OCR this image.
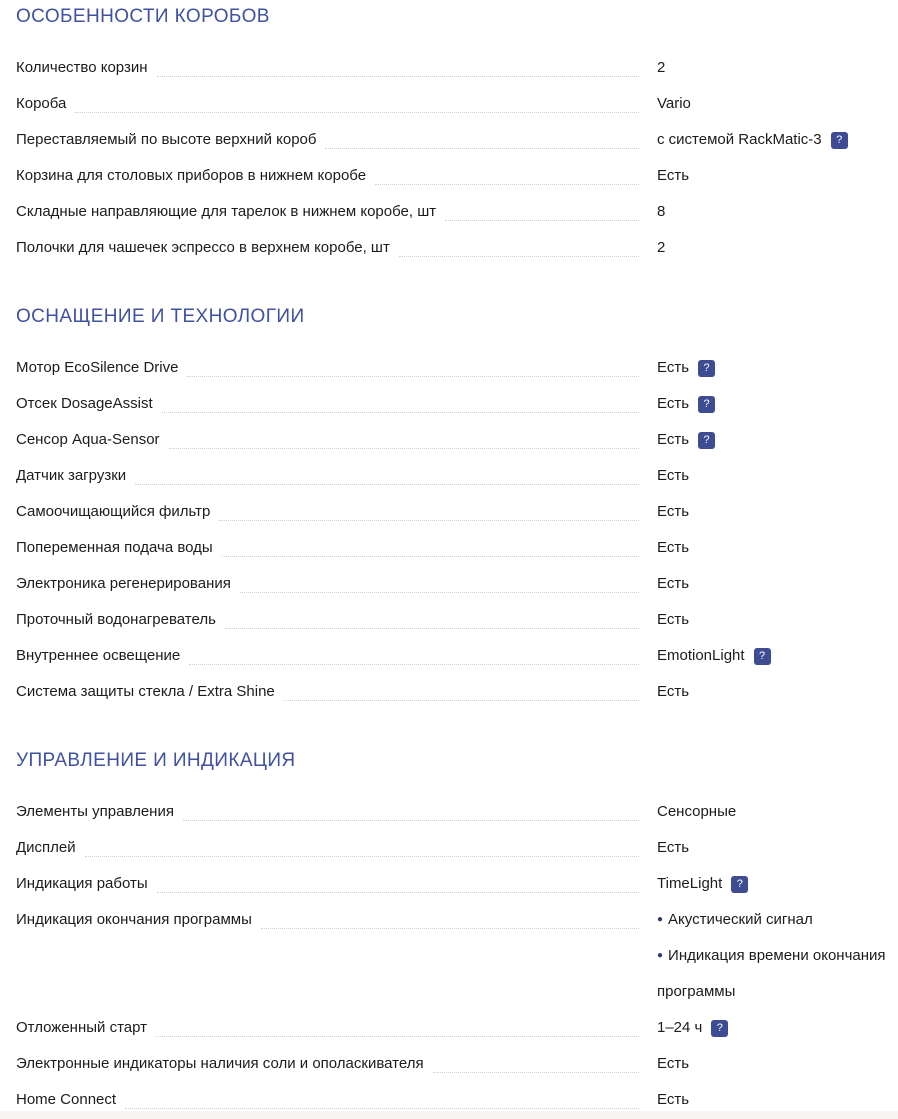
ОСОБЕННОСТИ КОРОБОВ
Количество корзин	2
Короба	Vario
Переставляемый по высоте верхний короб	с системой RackMatic-3 ?
Корзина для столовых приборов в нижнем коробе	Есть
Складные направляющие для тарелок в нижнем коробе, шт	8
Полочки для чашечек эспрессо в верхнем коробе, шт	2
ОСНАЩЕНИЕ И ТЕХНОЛОГИИ
Мотор EcoSilence Drive	Есть ?
Отсек DosageAssist	Есть ?
Сенсор Aqua-Sensor	Есть ?
Датчик загрузки	Есть
Самоочищающийся фильтр	Есть
Попеременная подача воды	Есть
Электроника регенерирования	Есть
Проточный водонагреватель	Есть
Внутреннее освещение	EmotionLight ?
Система защиты стекла / Extra Shine	Есть
УПРАВЛЕНИЕ И ИНДИКАЦИЯ
Элементы управления	Сенсорные
Дисплей	Есть
Индикация работы	TimeLight ?
Индикация окончания программы	● Акустический сигнал
● Индикация времени окончания программы
Отложенный старт	1–24 ч ?
Электронные индикаторы наличия соли и ополаскивателя	Есть
Home Connect	Есть
